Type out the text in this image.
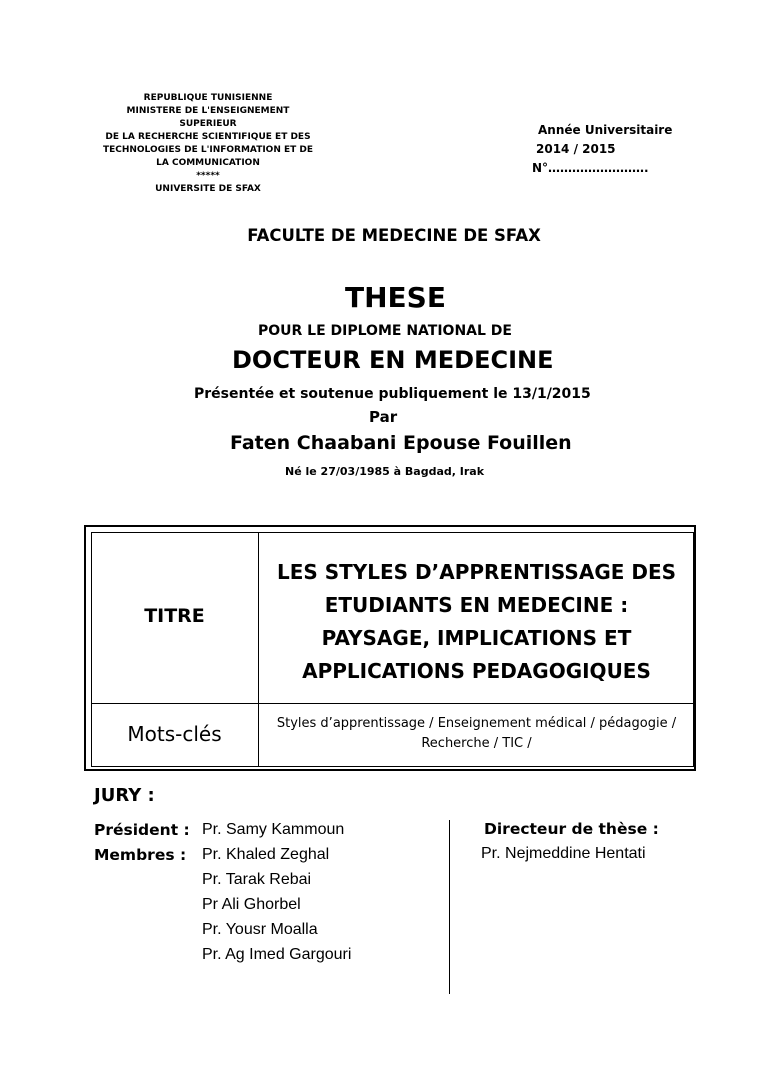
REPUBLIQUE TUNISIENNE
MINISTERE DE L'ENSEIGNEMENT
SUPERIEUR
DE LA RECHERCHE SCIENTIFIQUE ET DES
TECHNOLOGIES DE L'INFORMATION ET DE
LA COMMUNICATION
*****
UNIVERSITE DE SFAX
Année Universitaire
2014 / 2015
N°…………………….
FACULTE DE MEDECINE DE SFAX
THESE
POUR LE DIPLOME NATIONAL DE
DOCTEUR EN MEDECINE
Présentée et soutenue publiquement le 13/1/2015
Par
Faten Chaabani Epouse Fouillen
Né le 27/03/1985 à Bagdad, Irak
TITRE
LES STYLES D’APPRENTISSAGE DES
ETUDIANTS EN MEDECINE :
PAYSAGE, IMPLICATIONS ET
APPLICATIONS PEDAGOGIQUES
Mots-clés	Styles d’apprentissage / Enseignement médical / pédagogie /
Recherche / TIC /
JURY :
Président : Pr. Samy Kammoun
Membres : Pr. Khaled Zeghal
Pr. Tarak Rebai
Pr Ali Ghorbel
Pr. Yousr Moalla
Pr. Ag Imed Gargouri
Directeur de thèse :
Pr. Nejmeddine Hentati
